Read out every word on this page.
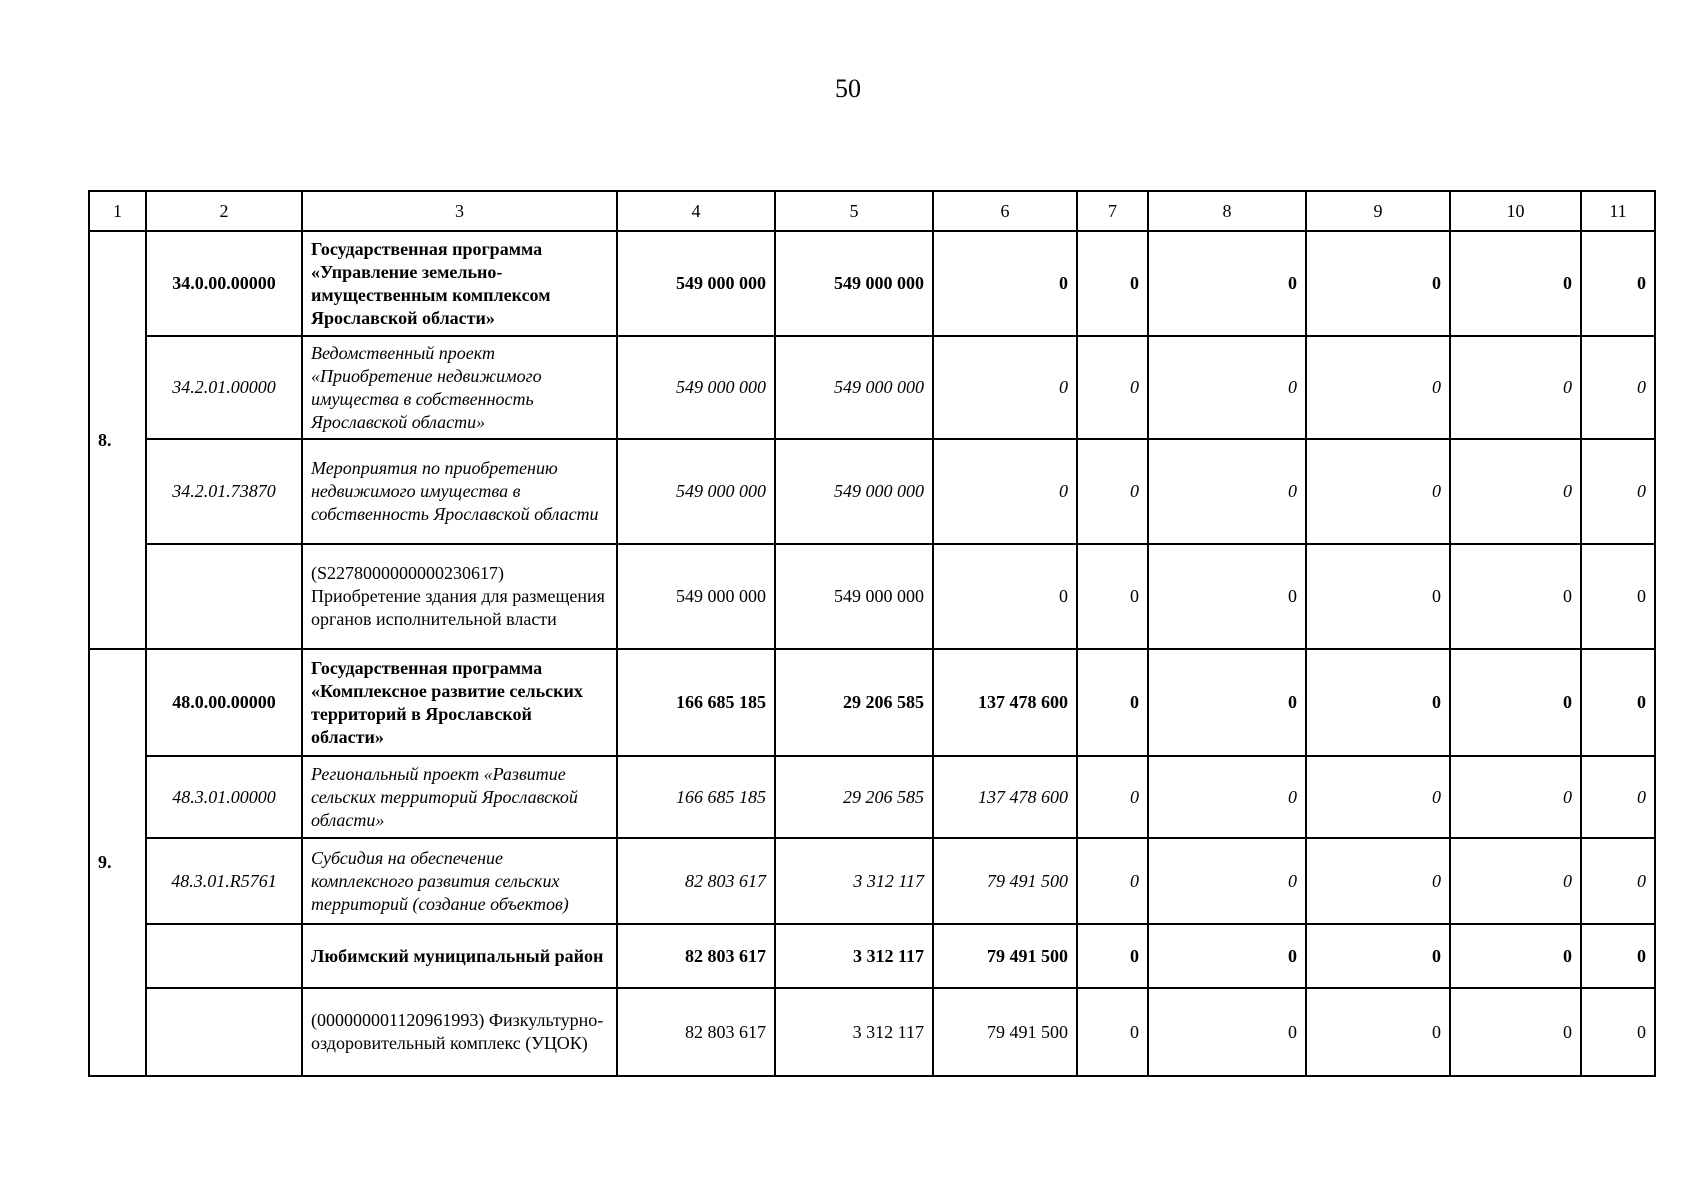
50
1	2	3	4	5	6	7	8	9	10	11
8.	34.0.00.00000	Государственная программа «Управление земельно-имущественным комплексом Ярославской области»	549 000 000	549 000 000	0	0	0	0	0	0
	34.2.01.00000	Ведомственный проект «Приобретение недвижимого имущества в собственность Ярославской области»	549 000 000	549 000 000	0	0	0	0	0	0
	34.2.01.73870	Мероприятия по приобретению недвижимого имущества в собственность Ярославской области	549 000 000	549 000 000	0	0	0	0	0	0
		(S2278000000000230617) Приобретение здания для размещения органов исполнительной власти	549 000 000	549 000 000	0	0	0	0	0	0
9.	48.0.00.00000	Государственная программа «Комплексное развитие сельских территорий в Ярославской области»	166 685 185	29 206 585	137 478 600	0	0	0	0	0
	48.3.01.00000	Региональный проект «Развитие сельских территорий Ярославской области»	166 685 185	29 206 585	137 478 600	0	0	0	0	0
	48.3.01.R5761	Субсидия на обеспечение комплексного развития сельских территорий (создание объектов)	82 803 617	3 312 117	79 491 500	0	0	0	0	0
		Любимский муниципальный район	82 803 617	3 312 117	79 491 500	0	0	0	0	0
		(000000001120961993) Физкультурно-оздоровительный комплекс (УЦОК)	82 803 617	3 312 117	79 491 500	0	0	0	0	0
